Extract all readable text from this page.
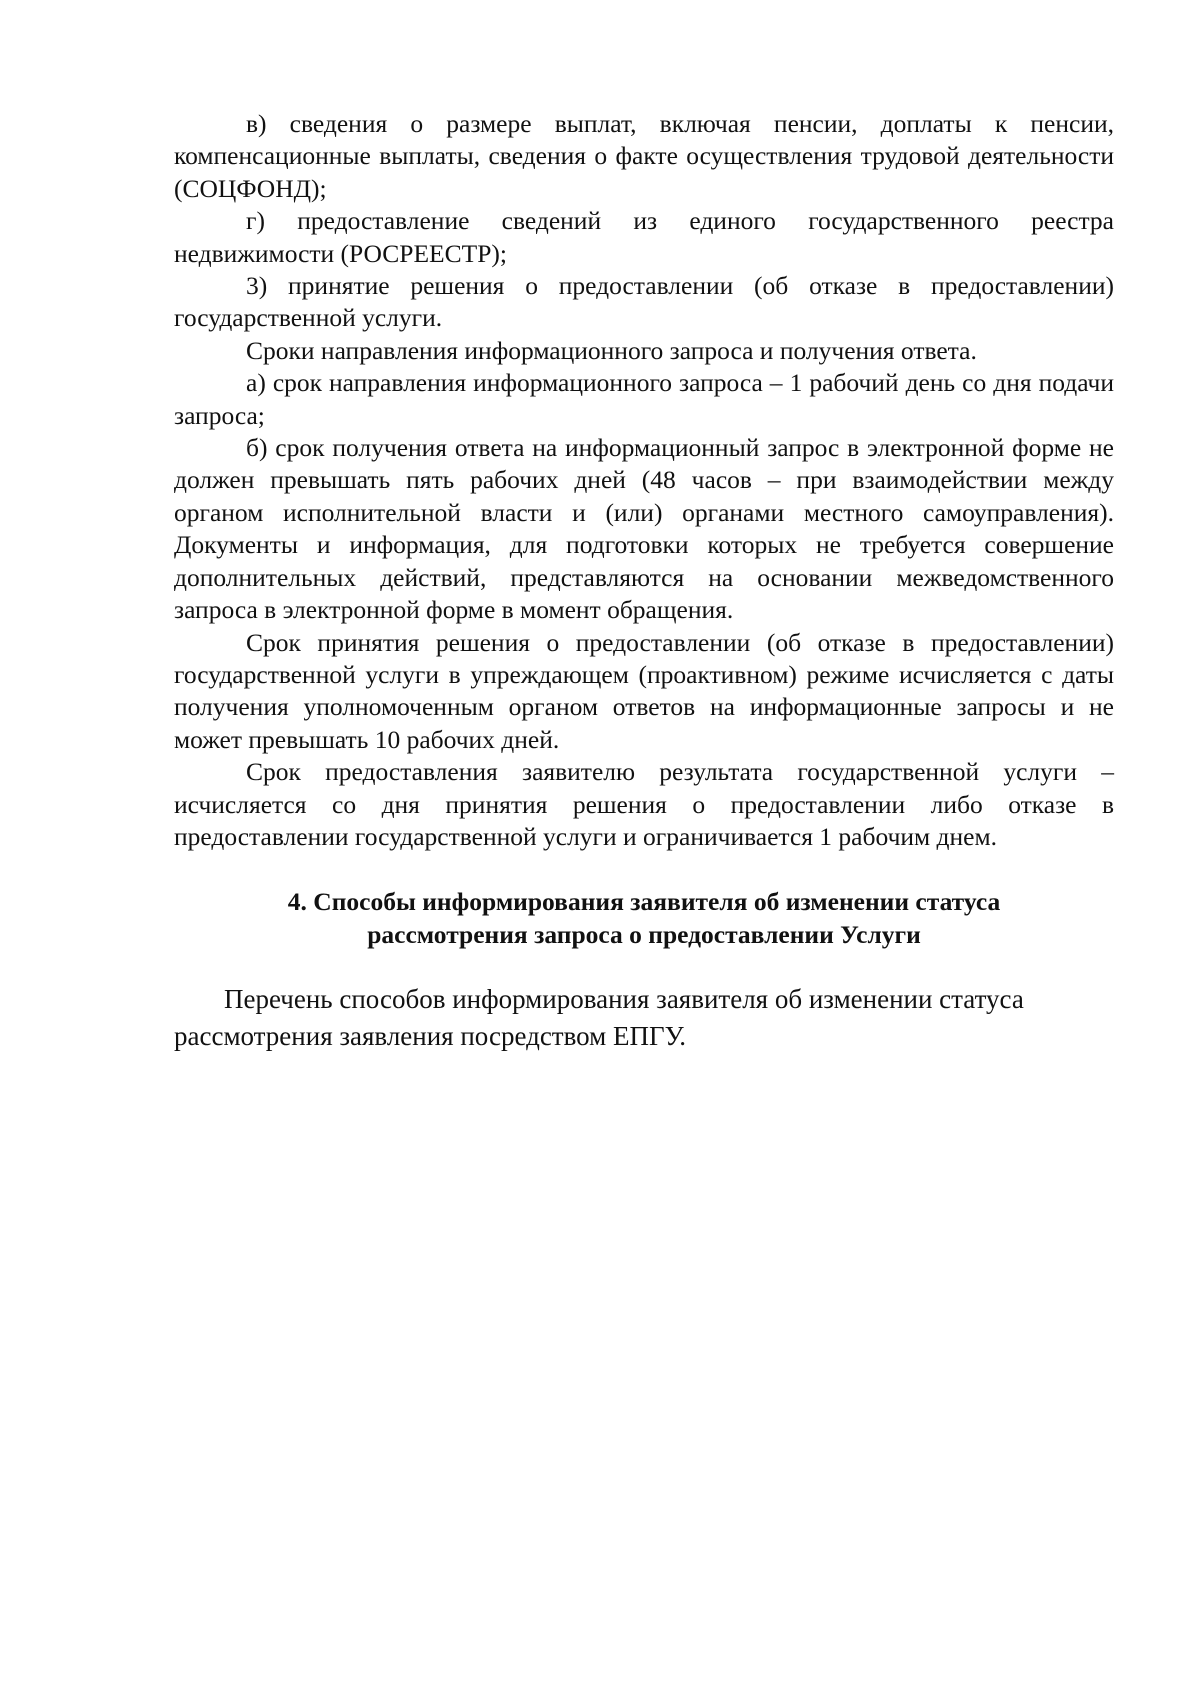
в) сведения о размере выплат, включая пенсии, доплаты к пенсии, компенсационные выплаты, сведения о факте осуществления трудовой деятельности (СОЦФОНД);

г) предоставление сведений из единого государственного реестра недвижимости (РОСРЕЕСТР);

3) принятие решения о предоставлении (об отказе в предоставлении) государственной услуги.

Сроки направления информационного запроса и получения ответа.

а) срок направления информационного запроса – 1 рабочий день со дня подачи запроса;

б) срок получения ответа на информационный запрос в электронной форме не должен превышать пять рабочих дней (48 часов – при взаимодействии между органом исполнительной власти и (или) органами местного самоуправления). Документы и информация, для подготовки которых не требуется совершение дополнительных действий, представляются на основании межведомственного запроса в электронной форме в момент обращения.

Срок принятия решения о предоставлении (об отказе в предоставлении) государственной услуги в упреждающем (проактивном) режиме исчисляется с даты получения уполномоченным органом ответов на информационные запросы и не может превышать 10 рабочих дней.

Срок предоставления заявителю результата государственной услуги – исчисляется со дня принятия решения о предоставлении либо отказе в предоставлении государственной услуги и ограничивается 1 рабочим днем.

4. Способы информирования заявителя об изменении статуса
рассмотрения запроса о предоставлении Услуги

Перечень способов информирования заявителя об изменении статуса рассмотрения заявления посредством ЕПГУ.
